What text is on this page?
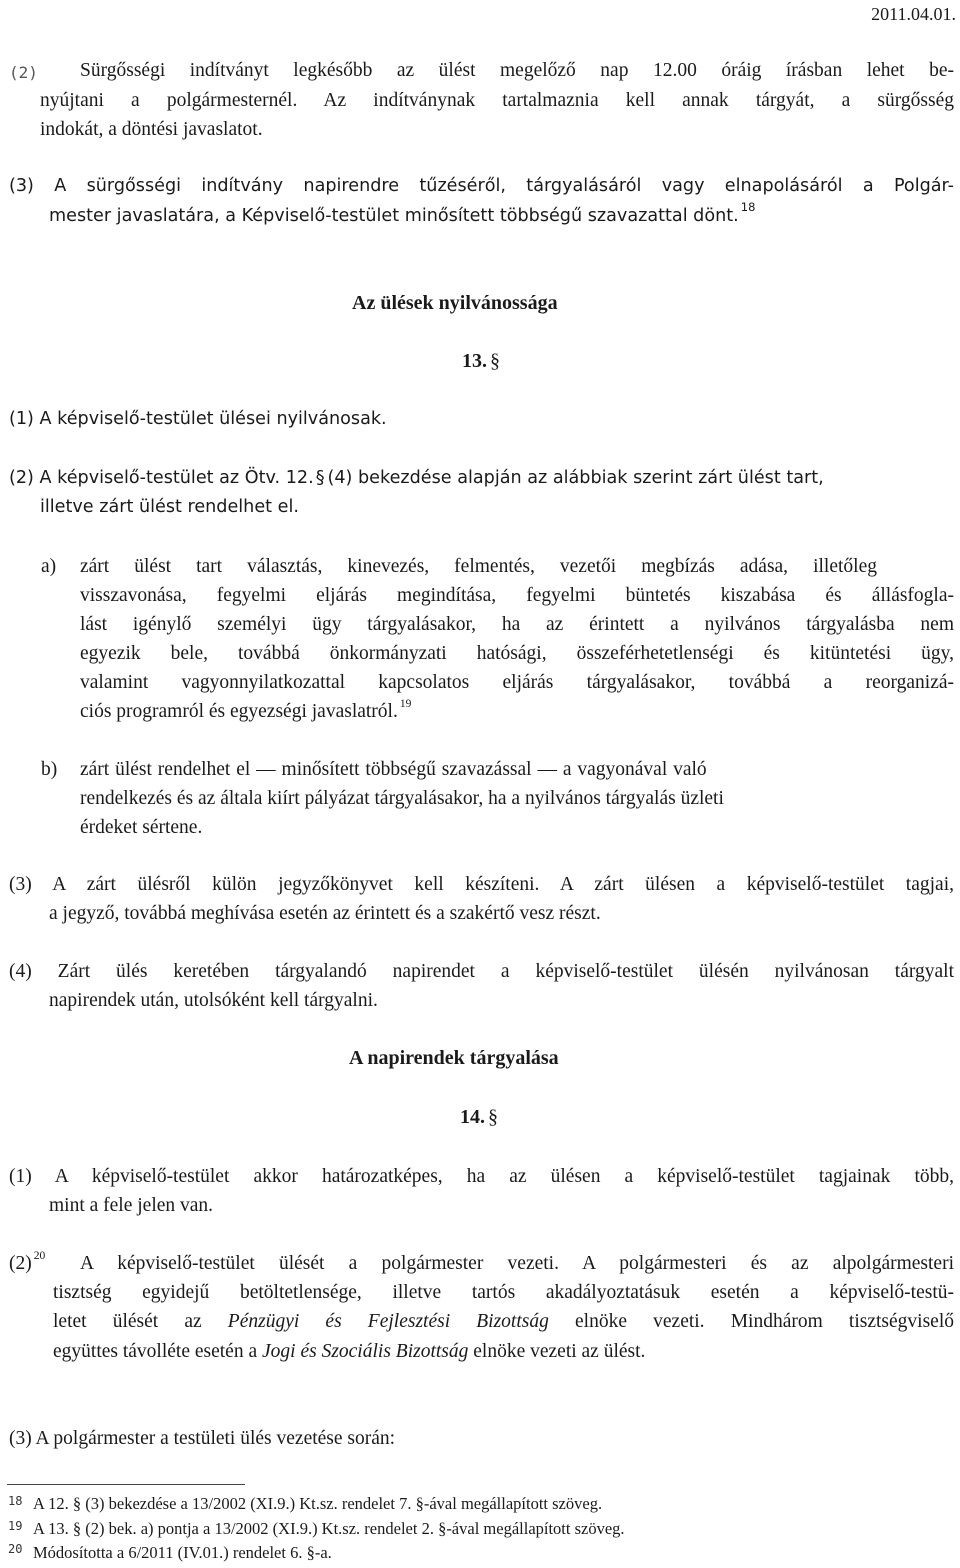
2011.04.01.
(2) Sürgősségi indítványt legkésőbb az ülést megelőző nap 12.00 óráig írásban lehet be-
nyújtani a polgármesternél. Az indítványnak tartalmaznia kell annak tárgyát, a sürgősség
indokát, a döntési javaslatot.
(3) A sürgősségi indítvány napirendre tűzéséről, tárgyalásáról vagy elnapolásáról a Polgár-
mester javaslatára, a Képviselő-testület minősített többségű szavazattal dönt. $^{18}$
Az ülések nyilvánossága
13. §
(1) A képviselő-testület ülései nyilvánosak.
(2) A képviselő-testület az Ötv. 12. § (4) bekezdése alapján az alábbiak szerint zárt ülést tart,
illetve zárt ülést rendelhet el.
a) zárt ülést tart választás, kinevezés, felmentés, vezetői megbízás adása, illetőleg
visszavonása, fegyelmi eljárás megindítása, fegyelmi büntetés kiszabása és állásfogla-
lást igénylő személyi ügy tárgyalásakor, ha az érintett a nyilvános tárgyalásba nem
egyezik bele, továbbá önkormányzati hatósági, összeférhetetlenségi és kitüntetési ügy,
valamint vagyonnyilatkozattal kapcsolatos eljárás tárgyalásakor, továbbá a reorganizá-
ciós programról és egyezségi javaslatról. $^{19}$
b) zárt ülést rendelhet el — minősített többségű szavazással — a vagyonával való
rendelkezés és az általa kiírt pályázat tárgyalásakor, ha a nyilvános tárgyalás üzleti
érdeket sértene.
(3) A zárt ülésről külön jegyzőkönyvet kell készíteni. A zárt ülésen a képviselő-testület tagjai,
a jegyző, továbbá meghívása esetén az érintett és a szakértő vesz részt.
(4) Zárt ülés keretében tárgyalandó napirendet a képviselő-testület ülésén nyilvánosan tárgyalt
napirendek után, utolsóként kell tárgyalni.
A napirendek tárgyalása
14. §
(1) A képviselő-testület akkor határozatképes, ha az ülésen a képviselő-testület tagjainak több,
mint a fele jelen van.
(2) $^{20}$ A képviselő-testület ülését a polgármester vezeti. A polgármesteri és az alpolgármesteri
tisztség egyidejű betöltetlensége, illetve tartós akadályoztatásuk esetén a képviselő-testü-
letet ülését az Pénzügyi és Fejlesztési Bizottság elnöke vezeti. Mindhárom tisztségviselő
együttes távolléte esetén a Jogi és Szociális Bizottság elnöke vezeti az ülést.
(3) A polgármester a testületi ülés vezetése során:
18 A 12. § (3) bekezdése a 13/2002 (XI.9.) Kt.sz. rendelet 7. §-ával megállapított szöveg.
19 A 13. § (2) bek. a) pontja a 13/2002 (XI.9.) Kt.sz. rendelet 2. §-ával megállapított szöveg.
20 Módosította a 6/2011 (IV.01.) rendelet 6. §-a.
